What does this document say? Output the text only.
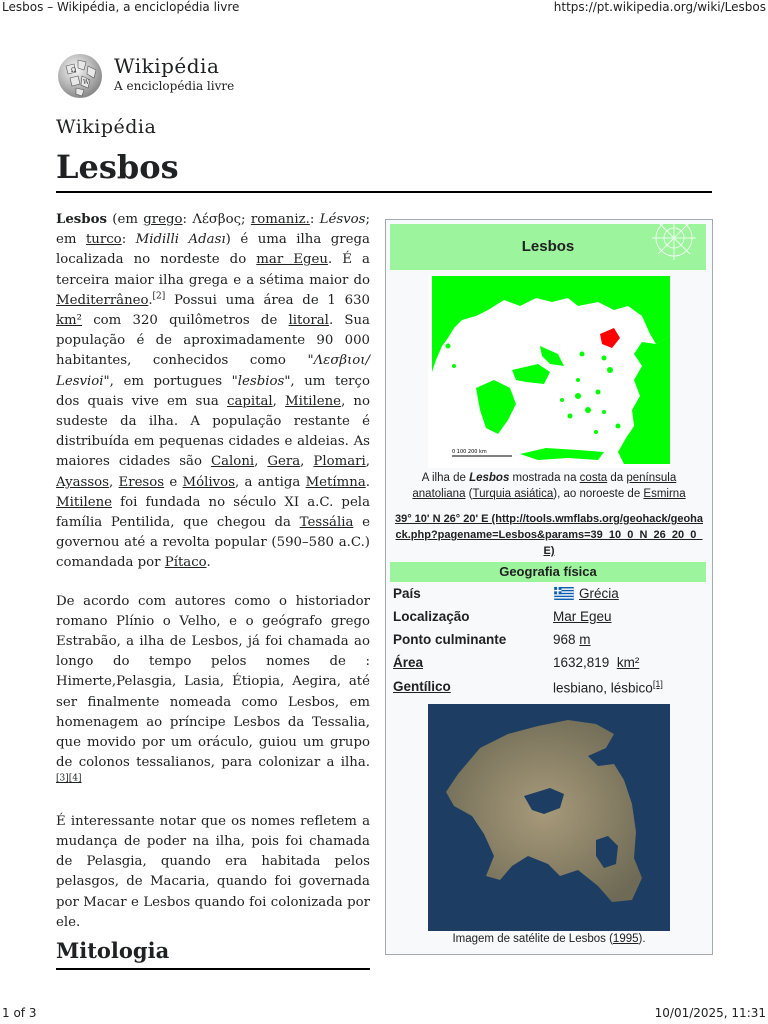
Lesbos – Wikipédia, a enciclopédia livre	https://pt.wikipedia.org/wiki/Lesbos
Ω
W
Wikipédia
A enciclopédia livre
Wikipédia
Lesbos

Lesbos (em grego: Λέσβος; romaniz.: Lésvos; em turco: Midilli Adası) é uma ilha grega localizada no nordeste do mar Egeu. É a terceira maior ilha grega e a sétima maior do Mediterrâneo.[2] Possui uma área de 1 630 km² com 320 quilômetros de litoral. Sua população é de aproximadamente 90 000 habitantes, conhecidos como "Λεσβιοι/ Lesvioi", em portugues "lesbios", um terço dos quais vive em sua capital, Mitilene, no sudeste da ilha. A população restante é distribuída em pequenas cidades e aldeias. As maiores cidades são Caloni, Gera, Plomari, Ayassos, Eresos e Mólivos, a antiga Metímna. Mitilene foi fundada no século XI a.C. pela família Pentilida, que chegou da Tessália e governou até a revolta popular (590–580 a.C.) comandada por Pítaco.

De acordo com autores como o historiador romano Plínio o Velho, e o geógrafo grego Estrabão, a ilha de Lesbos, já foi chamada ao longo do tempo pelos nomes de : Himerte,Pelasgia, Lasia, Étiopia, Aegira, até ser finalmente nomeada como Lesbos, em homenagem ao príncipe Lesbos da Tessalia, que movido por um oráculo, guiou um grupo de colonos tessalianos, para colonizar a ilha.[3][4]

É interessante notar que os nomes refletem a mudança de poder na ilha, pois foi chamada de Pelasgia, quando era habitada pelos pelasgos, de Macaria, quando foi governada por Macar e Lesbos quando foi colonizada por ele.

Mitologia
Lesbos
0 100 200 km
A ilha de Lesbos mostrada na costa da península anatoliana (Turquia asiática), ao noroeste de Esmirna
39° 10' N 26° 20' E (http://tools.wmflabs.org/geohack/geohack.php?pagename=Lesbos&params=39_10_0_N_26_20_0_E)
Geografia física
País	Grécia
Localização	Mar Egeu
Ponto culminante	968 m
Área	1632,819 km²
Gentílico	lesbiano, lésbico[1]
Imagem de satélite de Lesbos (1995).
1 of 3	10/01/2025, 11:31
